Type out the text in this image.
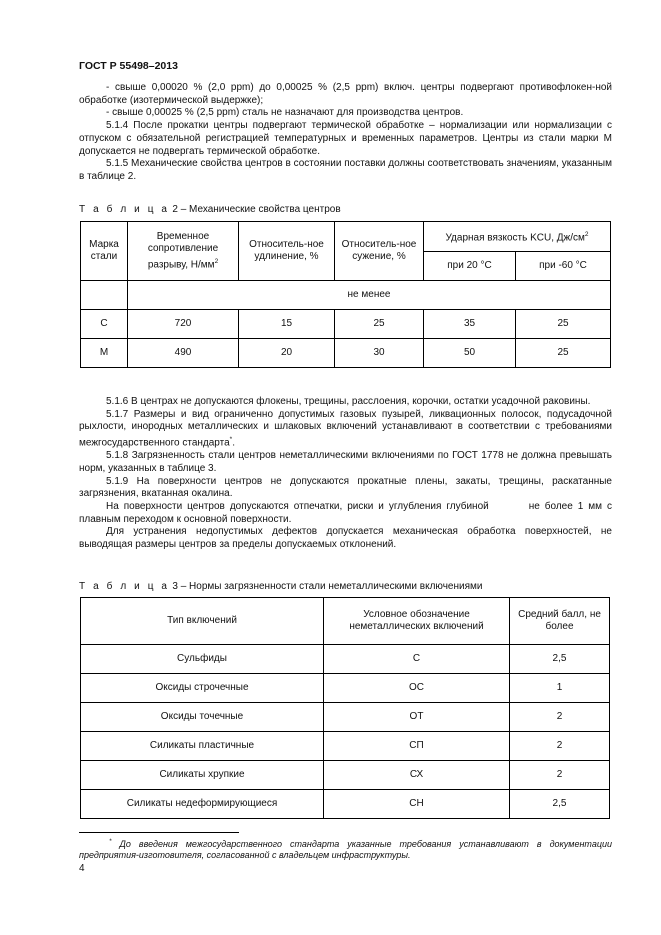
ГОСТ Р 55498–2013

- свыше 0,00020 % (2,0 ppm) до 0,00025 % (2,5 ppm) включ. центры подвергают противофлокен-ной обработке (изотермической выдержке);

- свыше 0,00025 % (2,5 ppm) сталь не назначают для производства центров.

5.1.4 После прокатки центры подвергают термической обработке – нормализации или нормализации с отпуском с обязательной регистрацией температурных и временных параметров. Центры из стали марки М допускается не подвергать термической обработке.

5.1.5 Механические свойства центров в состоянии поставки должны соответствовать значениям, указанным в таблице 2.

Т а б л и ц а 2 – Механические свойства центров
Марка стали	Временное сопротивление разрыву, $Н/мм^2$	Относитель-ное удлинение, %	Относитель-ное сужение, %	Ударная вязкость KCU, $Дж/см^2$
				при 20 °С	при -60 °С
	не менее				
С	720	15	25	35	25
М	490	20	30	50	25

5.1.6 В центрах не допускаются флокены, трещины, расслоения, корочки, остатки усадочной раковины.

5.1.7 Размеры и вид ограниченно допустимых газовых пузырей, ликвационных полосок, подусадочной рыхлости, инородных металлических и шлаковых включений устанавливают в соответствии с требованиями межгосударственного стандарта*.

5.1.8 Загрязненность стали центров неметаллическими включениями по ГОСТ 1778 не должна превышать норм, указанных в таблице 3.

5.1.9 На поверхности центров не допускаются прокатные плены, закаты, трещины, раскатанные загрязнения, вкатанная окалина.

На поверхности центров допускаются отпечатки, риски и углубления глубиной	не более 1 мм с плавным переходом к основной поверхности.

Для устранения недопустимых дефектов допускается механическая обработка поверхностей, не выводящая размеры центров за пределы допускаемых отклонений.

Т а б л и ц а 3 – Нормы загрязненности стали неметаллическими включениями
Тип включений	Условное обозначение неметаллических включений	Средний балл, не более
Сульфиды	С	2,5
Оксиды строчечные	ОС	1
Оксиды точечные	ОТ	2
Силикаты пластичные	СП	2
Силикаты хрупкие	СХ	2
Силикаты недеформирующиеся	СН	2,5
* До введения межгосударственного стандарта указанные требования устанавливают в документации предприятия-изготовителя, согласованной с владельцем инфраструктуры.
4
